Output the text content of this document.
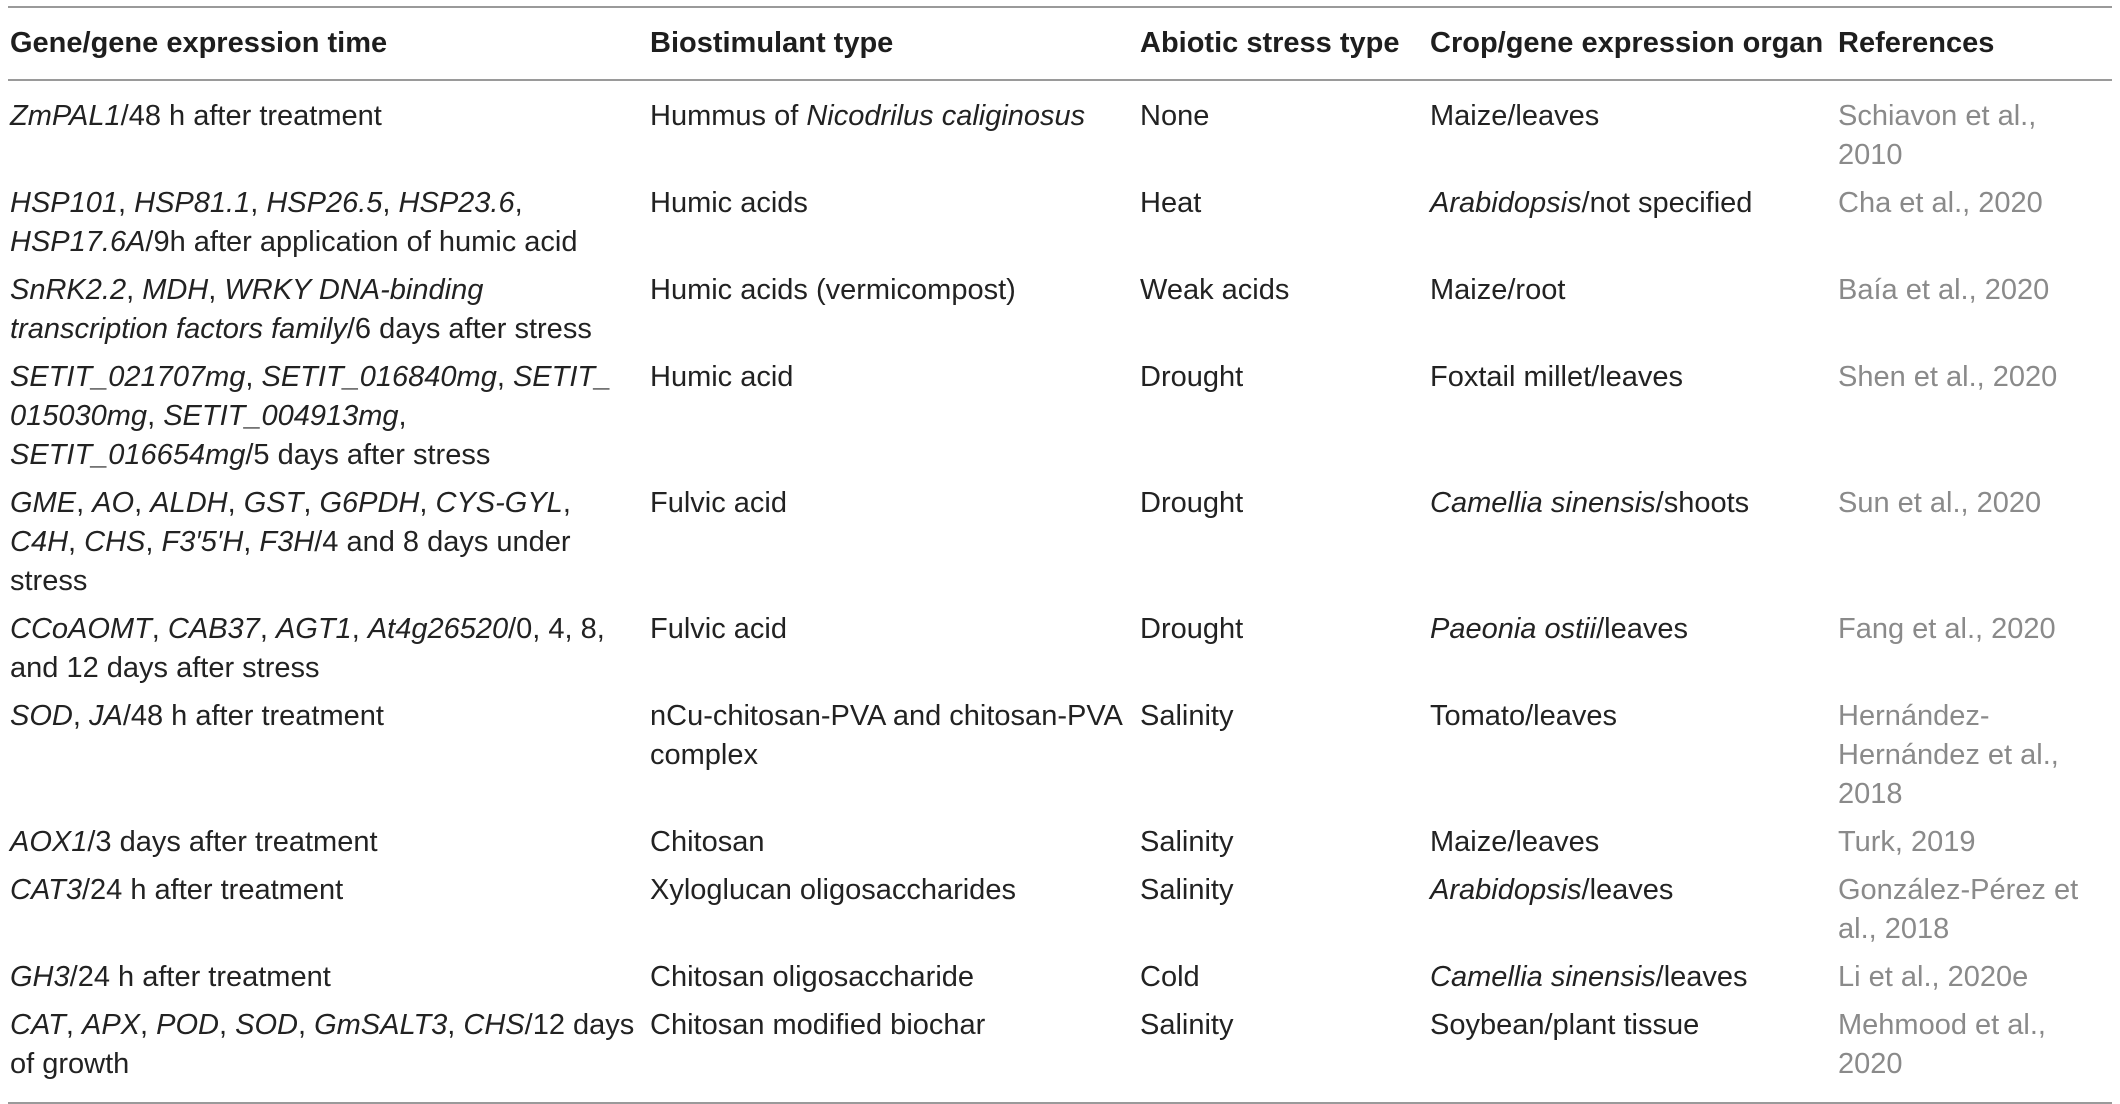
Gene/gene expression time	Biostimulant type	Abiotic stress type	Crop/gene expression organ	References
ZmPAL1/48 h after treatment	Hummus of Nicodrilus caliginosus	None	Maize/leaves	Schiavon et al., 2010
HSP101, HSP81.1, HSP26.5, HSP23.6, HSP17.6A/9h after application of humic acid	Humic acids	Heat	Arabidopsis/not specified	Cha et al., 2020
SnRK2.2, MDH, WRKY DNA-binding transcription factors family/6 days after stress	Humic acids (vermicompost)	Weak acids	Maize/root	Baía et al., 2020
SETIT_021707mg, SETIT_016840mg, SETIT_ 015030mg, SETIT_004913mg, SETIT_016654mg/5 days after stress	Humic acid	Drought	Foxtail millet/leaves	Shen et al., 2020
GME, AO, ALDH, GST, G6PDH, CYS-GYL, C4H, CHS, F3′5′H, F3H/4 and 8 days under stress	Fulvic acid	Drought	Camellia sinensis/shoots	Sun et al., 2020
CCoAOMT, CAB37, AGT1, At4g26520/0, 4, 8, and 12 days after stress	Fulvic acid	Drought	Paeonia ostii/leaves	Fang et al., 2020
SOD, JA/48 h after treatment	nCu-chitosan-PVA and chitosan-PVA complex	Salinity	Tomato/leaves	Hernández-Hernández et al., 2018
AOX1/3 days after treatment	Chitosan	Salinity	Maize/leaves	Turk, 2019
CAT3/24 h after treatment	Xyloglucan oligosaccharides	Salinity	Arabidopsis/leaves	González-Pérez et al., 2018
GH3/24 h after treatment	Chitosan oligosaccharide	Cold	Camellia sinensis/leaves	Li et al., 2020e
CAT, APX, POD, SOD, GmSALT3, CHS/12 days of growth	Chitosan modified biochar	Salinity	Soybean/plant tissue	Mehmood et al., 2020
